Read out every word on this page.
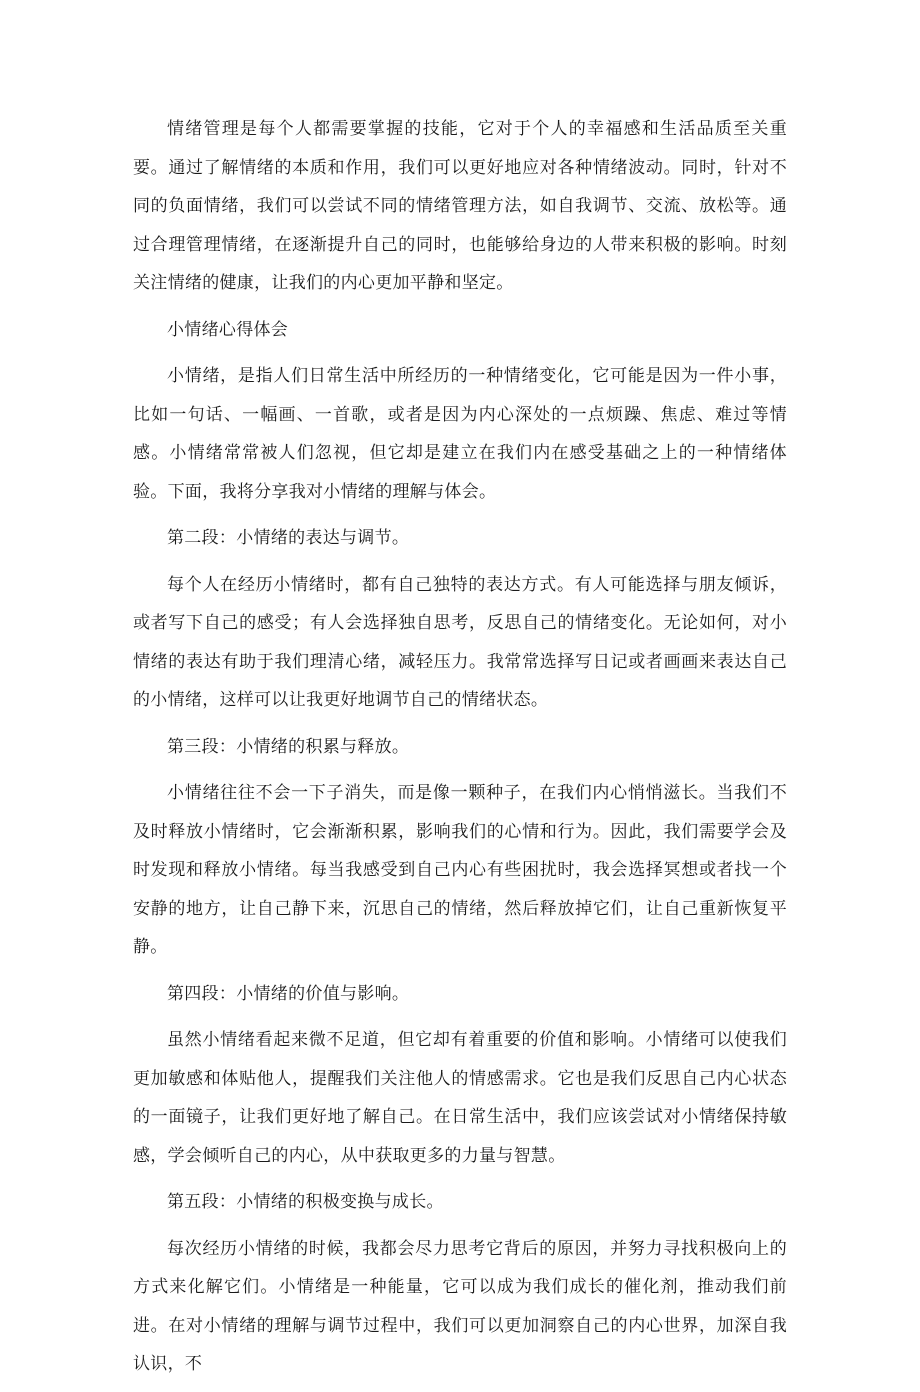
情绪管理是每个人都需要掌握的技能，它对于个人的幸福感和生活品质至关重要。通过了解情绪的本质和作用，我们可以更好地应对各种情绪波动。同时，针对不同的负面情绪，我们可以尝试不同的情绪管理方法，如自我调节、交流、放松等。通过合理管理情绪，在逐渐提升自己的同时，也能够给身边的人带来积极的影响。时刻关注情绪的健康，让我们的内心更加平静和坚定。

小情绪心得体会

小情绪，是指人们日常生活中所经历的一种情绪变化，它可能是因为一件小事，比如一句话、一幅画、一首歌，或者是因为内心深处的一点烦躁、焦虑、难过等情感。小情绪常常被人们忽视，但它却是建立在我们内在感受基础之上的一种情绪体验。下面，我将分享我对小情绪的理解与体会。

第二段：小情绪的表达与调节。

每个人在经历小情绪时，都有自己独特的表达方式。有人可能选择与朋友倾诉，或者写下自己的感受；有人会选择独自思考，反思自己的情绪变化。无论如何，对小情绪的表达有助于我们理清心绪，减轻压力。我常常选择写日记或者画画来表达自己的小情绪，这样可以让我更好地调节自己的情绪状态。

第三段：小情绪的积累与释放。

小情绪往往不会一下子消失，而是像一颗种子，在我们内心悄悄滋长。当我们不及时释放小情绪时，它会渐渐积累，影响我们的心情和行为。因此，我们需要学会及时发现和释放小情绪。每当我感受到自己内心有些困扰时，我会选择冥想或者找一个安静的地方，让自己静下来，沉思自己的情绪，然后释放掉它们，让自己重新恢复平静。

第四段：小情绪的价值与影响。

虽然小情绪看起来微不足道，但它却有着重要的价值和影响。小情绪可以使我们更加敏感和体贴他人，提醒我们关注他人的情感需求。它也是我们反思自己内心状态的一面镜子，让我们更好地了解自己。在日常生活中，我们应该尝试对小情绪保持敏感，学会倾听自己的内心，从中获取更多的力量与智慧。

第五段：小情绪的积极变换与成长。

每次经历小情绪的时候，我都会尽力思考它背后的原因，并努力寻找积极向上的方式来化解它们。小情绪是一种能量，它可以成为我们成长的催化剂，推动我们前进。在对小情绪的理解与调节过程中，我们可以更加洞察自己的内心世界，加深自我认识，不
